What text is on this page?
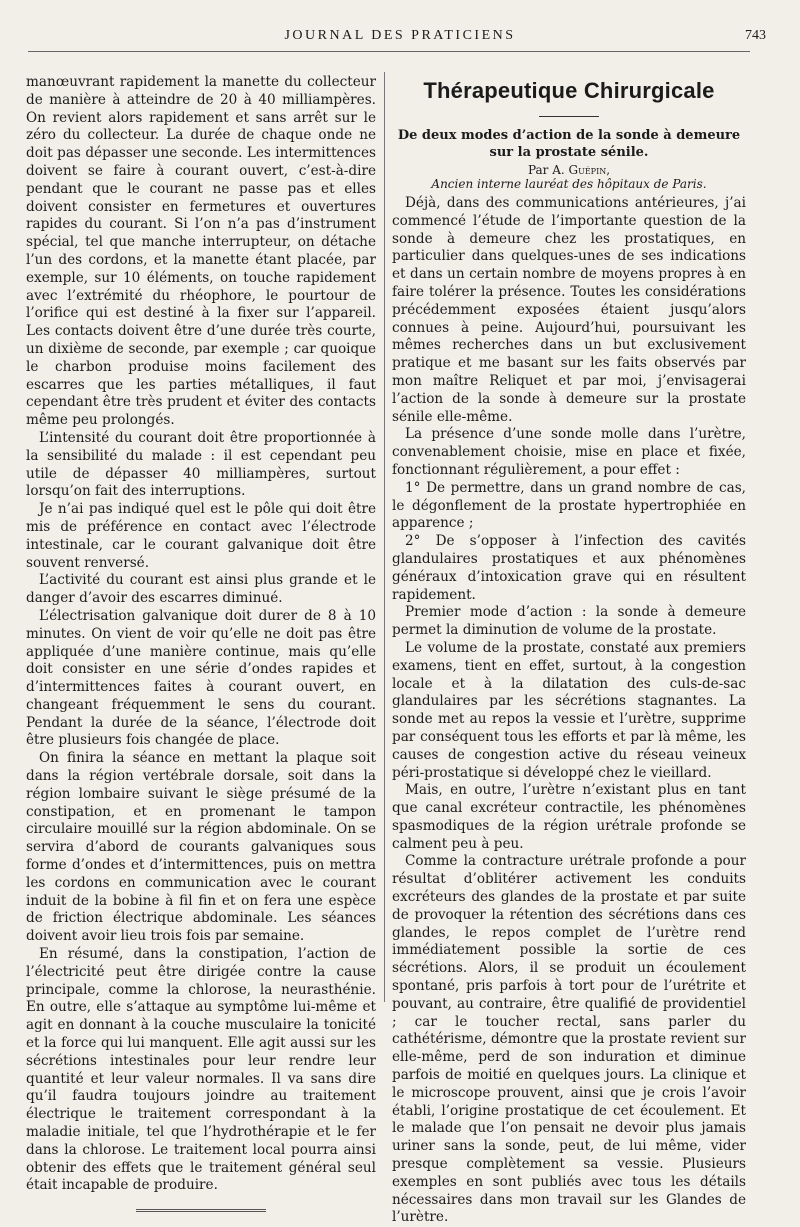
JOURNAL DES PRATICIENS	743

manœuvrant rapidement la manette du collecteur de manière à atteindre de 20 à 40 milliampères. On revient alors rapidement et sans arrêt sur le zéro du collecteur. La durée de chaque onde ne doit pas dépasser une seconde. Les intermittences doivent se faire à courant ouvert, c’est-à-dire pendant que le courant ne passe pas et elles doivent consister en fermetures et ouvertures rapides du courant. Si l’on n’a pas d’instrument spécial, tel que manche interrupteur, on détache l’un des cordons, et la manette étant placée, par exemple, sur 10 éléments, on touche rapidement avec l’extrémité du rhéophore, le pourtour de l’orifice qui est destiné à la fixer sur l’appareil. Les contacts doivent être d’une durée très courte, un dixième de seconde, par exemple ; car quoique le charbon produise moins facilement des escarres que les parties métalliques, il faut cependant être très prudent et éviter des contacts même peu prolongés.

L’intensité du courant doit être proportionnée à la sensibilité du malade : il est cependant peu utile de dépasser 40 milliampères, surtout lorsqu’on fait des interruptions.

Je n’ai pas indiqué quel est le pôle qui doit être mis de préférence en contact avec l’électrode intestinale, car le courant galvanique doit être souvent renversé.

L’activité du courant est ainsi plus grande et le danger d’avoir des escarres diminué.

L’électrisation galvanique doit durer de 8 à 10 minutes. On vient de voir qu’elle ne doit pas être appliquée d’une manière continue, mais qu’elle doit consister en une série d’ondes rapides et d’intermittences faites à courant ouvert, en changeant fréquemment le sens du courant. Pendant la durée de la séance, l’électrode doit être plusieurs fois changée de place.

On finira la séance en mettant la plaque soit dans la région vertébrale dorsale, soit dans la région lombaire suivant le siège présumé de la constipation, et en promenant le tampon circulaire mouillé sur la région abdominale. On se servira d’abord de courants galvaniques sous forme d’ondes et d’intermittences, puis on mettra les cordons en communication avec le courant induit de la bobine à fil fin et on fera une espèce de friction électrique abdominale. Les séances doivent avoir lieu trois fois par semaine.

En résumé, dans la constipation, l’action de l’électricité peut être dirigée contre la cause principale, comme la chlorose, la neurasthénie. En outre, elle s’attaque au symptôme lui-même et agit en donnant à la couche musculaire la tonicité et la force qui lui manquent. Elle agit aussi sur les sécrétions intestinales pour leur rendre leur quantité et leur valeur normales. Il va sans dire qu’il faudra toujours joindre au traitement électrique le traitement correspondant à la maladie initiale, tel que l’hydrothérapie et le fer dans la chlorose. Le traitement local pourra ainsi obtenir des effets que le traitement général seul était incapable de produire.

Thérapeutique Chirurgicale
De deux modes d’action de la sonde à demeure sur la prostate sénile.
Par A. Guépin,
Ancien interne lauréat des hôpitaux de Paris.

Déjà, dans des communications antérieures, j’ai commencé l’étude de l’importante question de la sonde à demeure chez les prostatiques, en particulier dans quelques-unes de ses indications et dans un certain nombre de moyens propres à en faire tolérer la présence. Toutes les considérations précédemment exposées étaient jusqu’alors connues à peine. Aujourd’hui, poursuivant les mêmes recherches dans un but exclusivement pratique et me basant sur les faits observés par mon maître Reliquet et par moi, j’envisagerai l’action de la sonde à demeure sur la prostate sénile elle-même.

La présence d’une sonde molle dans l’urètre, convenablement choisie, mise en place et fixée, fonctionnant régulièrement, a pour effet :

1° De permettre, dans un grand nombre de cas, le dégonflement de la prostate hypertrophiée en apparence ;

2° De s’opposer à l’infection des cavités glandulaires prostatiques et aux phénomènes généraux d’intoxication grave qui en résultent rapidement.

Premier mode d’action : la sonde à demeure permet la diminution de volume de la prostate.

Le volume de la prostate, constaté aux premiers examens, tient en effet, surtout, à la congestion locale et à la dilatation des culs-de-sac glandulaires par les sécrétions stagnantes. La sonde met au repos la vessie et l’urètre, supprime par conséquent tous les efforts et par là même, les causes de congestion active du réseau veineux péri-prostatique si développé chez le vieillard.

Mais, en outre, l’urètre n’existant plus en tant que canal excréteur contractile, les phénomènes spasmodiques de la région urétrale profonde se calment peu à peu.

Comme la contracture urétrale profonde a pour résultat d’oblitérer activement les conduits excréteurs des glandes de la prostate et par suite de provoquer la rétention des sécrétions dans ces glandes, le repos complet de l’urètre rend immédiatement possible la sortie de ces sécrétions. Alors, il se produit un écoulement spontané, pris parfois à tort pour de l’urétrite et pouvant, au contraire, être qualifié de providentiel ; car le toucher rectal, sans parler du cathétérisme, démontre que la prostate revient sur elle-même, perd de son induration et diminue parfois de moitié en quelques jours. La clinique et le microscope prouvent, ainsi que je crois l’avoir établi, l’origine prostatique de cet écoulement. Et le malade que l’on pensait ne devoir plus jamais uriner sans la sonde, peut, de lui même, vider presque complètement sa vessie. Plusieurs exemples en sont publiés avec tous les détails nécessaires dans mon travail sur les Glandes de l’urètre.
